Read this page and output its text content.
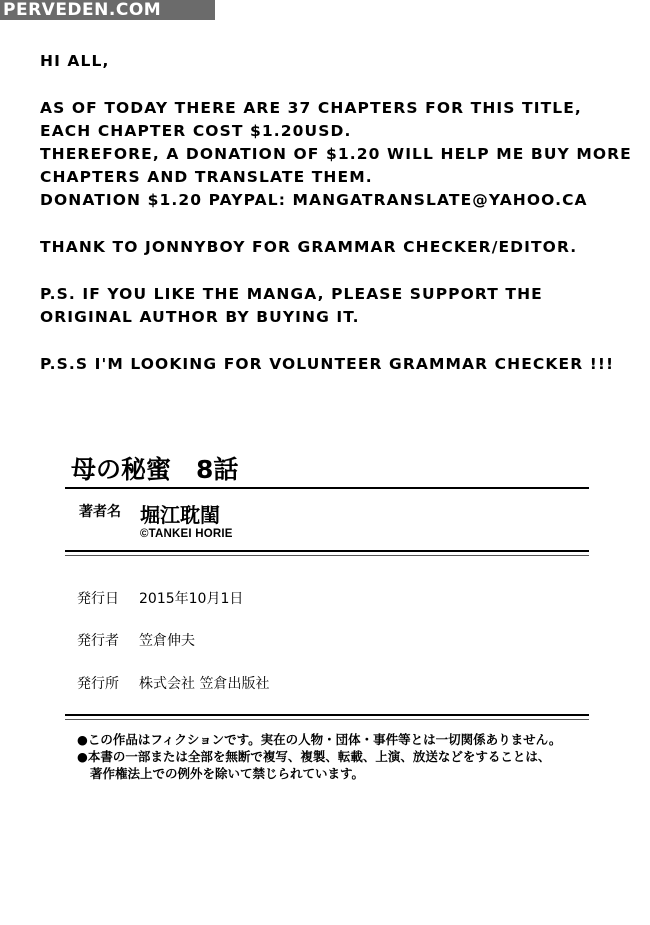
PERVEDEN.COM

HI ALL,

AS OF TODAY THERE ARE 37 CHAPTERS FOR THIS TITLE,
EACH CHAPTER COST $1.20USD.
THEREFORE, A DONATION OF $1.20 WILL HELP ME BUY MORE
CHAPTERS AND TRANSLATE THEM.
DONATION $1.20 PAYPAL: MANGATRANSLATE@YAHOO.CA

THANK TO JONNYBOY FOR GRAMMAR CHECKER/EDITOR.

P.S. IF YOU LIKE THE MANGA, PLEASE SUPPORT THE
ORIGINAL AUTHOR BY BUYING IT.

P.S.S I'M LOOKING FOR VOLUNTEER GRAMMAR CHECKER !!!

母の秘蜜　8話
著者名 堀江耽閨
©TANKEI HORIE
発行日 2015年10月1日
発行者 笠倉伸夫
発行所 株式会社 笠倉出版社
●この作品はフィクションです。実在の人物・団体・事件等とは一切関係ありません。
●本書の一部または全部を無断で複写、複製、転載、上演、放送などをすることは、
著作権法上での例外を除いて禁じられています。
